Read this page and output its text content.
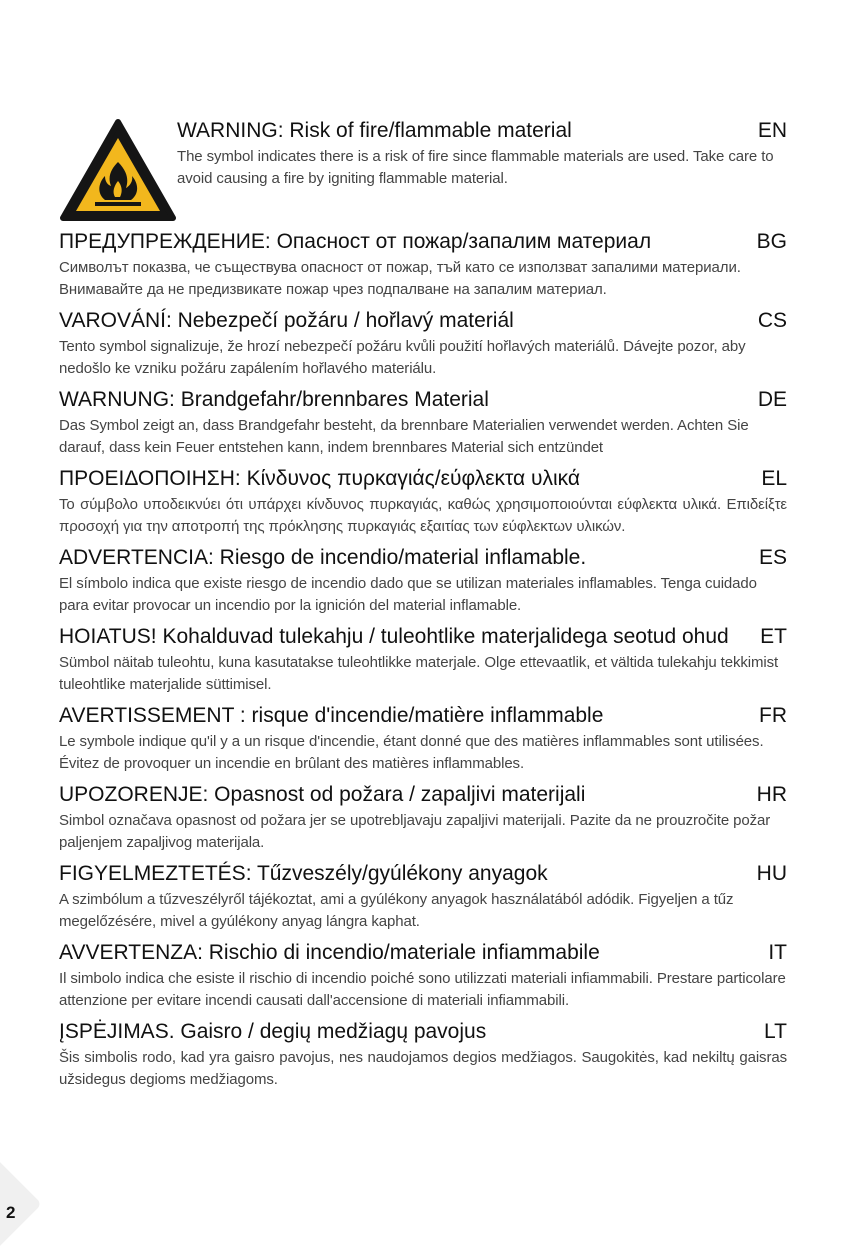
WARNING: Risk of fire/flammable material	EN
The symbol indicates there is a risk of fire since flammable materials are used. Take care to avoid causing a fire by igniting flammable material.
ПРЕДУПРЕЖДЕНИЕ: Опасност от пожар/запалим материал	BG
Символът показва, че съществува опасност от пожар, тъй като се използват запалими материали. Внимавайте да не предизвикате пожар чрез подпалване на запалим материал.
VAROVÁNÍ: Nebezpečí požáru / hořlavý materiál	CS
Tento symbol signalizuje, že hrozí nebezpečí požáru kvůli použití hořlavých materiálů. Dávejte pozor, aby nedošlo ke vzniku požáru zapálením hořlavého materiálu.
WARNUNG: Brandgefahr/brennbares Material	DE
Das Symbol zeigt an, dass Brandgefahr besteht, da brennbare Materialien verwendet werden. Achten Sie darauf, dass kein Feuer entstehen kann, indem brennbares Material sich entzündet
ΠΡΟΕΙΔΟΠΟΙΗΣΗ: Κίνδυνος πυρκαγιάς/εύφλεκτα υλικά	EL
Το σύμβολο υποδεικνύει ότι υπάρχει κίνδυνος πυρκαγιάς, καθώς χρησιμοποιούνται εύφλεκτα υλικά. Επιδείξτε προσοχή για την αποτροπή της πρόκλησης πυρκαγιάς εξαιτίας των εύφλεκτων υλικών.
ADVERTENCIA: Riesgo de incendio/material inflamable.	ES
El símbolo indica que existe riesgo de incendio dado que se utilizan materiales inflamables. Tenga cuidado para evitar provocar un incendio por la ignición del material inflamable.
HOIATUS! Kohalduvad tulekahju / tuleohtlike materjalidega seotud ohud	ET
Sümbol näitab tuleohtu, kuna kasutatakse tuleohtlikke materjale. Olge ettevaatlik, et vältida tulekahju tekkimist tuleohtlike materjalide süttimisel.
AVERTISSEMENT : risque d'incendie/matière inflammable	FR
Le symbole indique qu'il y a un risque d'incendie, étant donné que des matières inflammables sont utilisées. Évitez de provoquer un incendie en brûlant des matières inflammables.
UPOZORENJE: Opasnost od požara / zapaljivi materijali	HR
Simbol označava opasnost od požara jer se upotrebljavaju zapaljivi materijali. Pazite da ne prouzročite požar paljenjem zapaljivog materijala.
FIGYELMEZTETÉS: Tűzveszély/gyúlékony anyagok	HU
A szimbólum a tűzveszélyről tájékoztat, ami a gyúlékony anyagok használatából adódik. Figyeljen a tűz megelőzésére, mivel a gyúlékony anyag lángra kaphat.
AVVERTENZA: Rischio di incendio/materiale infiammabile	IT
Il simbolo indica che esiste il rischio di incendio poiché sono utilizzati materiali infiammabili. Prestare particolare attenzione per evitare incendi causati dall'accensione di materiali infiammabili.
ĮSPĖJIMAS. Gaisro / degių medžiagų pavojus	LT
Šis simbolis rodo, kad yra gaisro pavojus, nes naudojamos degios medžiagos. Saugokitės, kad nekiltų gaisras užsidegus degioms medžiagoms.
2
